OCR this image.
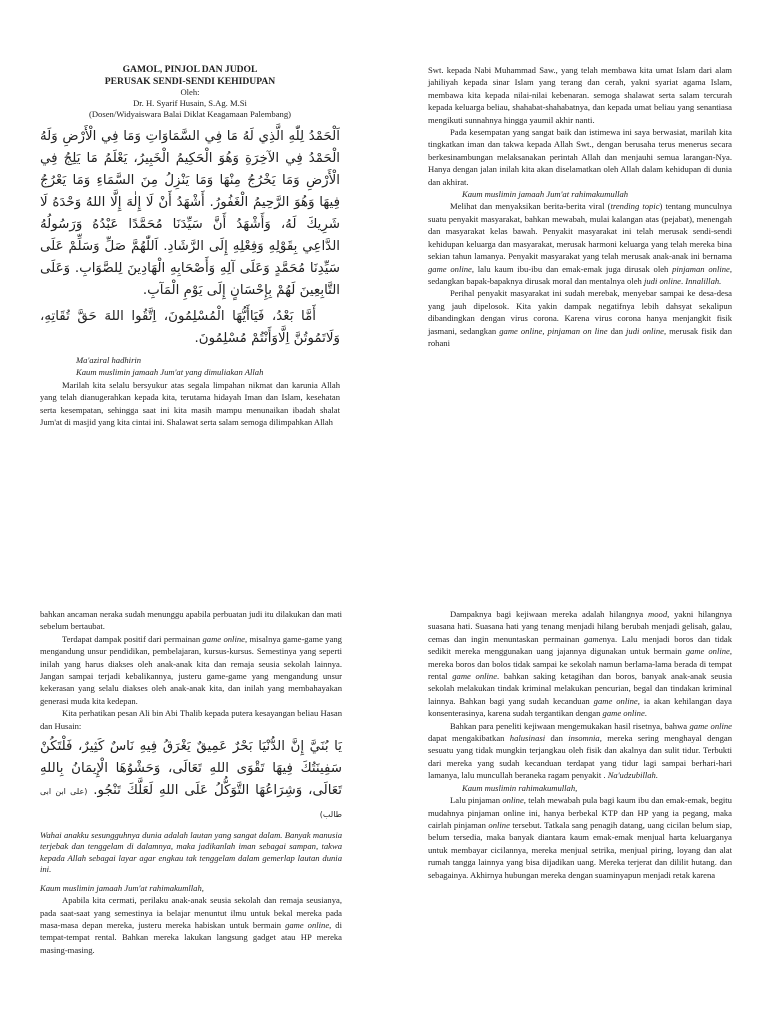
GAMOL, PINJOL DAN JUDOL
PERUSAK SENDI-SENDI KEHIDUPAN
Oleh:
Dr. H. Syarif Husain, S.Ag. M.Si
(Dosen/Widyaiswara Balai Diklat Keagamaan Palembang)
اَلْحَمْدُ لِلّٰهِ الَّذِي لَهُ مَا فِي السَّمَاوَاتِ وَمَا فِي الْأَرْضِ وَلَهُ الْحَمْدُ فِي الآخِرَةِ وَهُوَ الْحَكِيمُ الْخَبِيرُ، يَعْلَمُ مَا يَلِجُ فِي الْأَرْضِ وَمَا يَخْرُجُ مِنْهَا وَمَا يَنْزِلُ مِنَ السَّمَاءِ وَمَا يَعْرُجُ فِيهَا وَهُوَ الرَّحِيمُ الْغَفُورُ. أَشْهَدُ أَنْ لَا إِلٰهَ إِلَّا اللهُ وَحْدَهُ لَا شَرِيكَ لَهُ، وَأَشْهَدُ أَنَّ سَيِّدَنَا مُحَمَّدًا عَبْدُهُ وَرَسُولُهُ الدَّاعِي بِقَوْلِهِ وَفِعْلِهِ إِلَى الرَّشَادِ. اَللّٰهُمَّ صَلِّ وَسَلِّمْ عَلَى سَيِّدِنَا مُحَمَّدٍ وَعَلَى آلِهِ وَأَصْحَابِهِ الْهَادِينَ لِلصَّوَابِ. وَعَلَى التَّابِعِينَ لَهُمْ بِإِحْسَانٍ إِلَى يَوْمِ الْمَآبِ.
أَمَّا بَعْدُ، فَيَاأَيُّهَا الْمُسْلِمُونَ، اِتَّقُوا اللهَ حَقَّ تُقَاتِهِ، وَلَاتَمُوتُنَّ اِلَّاوَأَنْتُمْ مُسْلِمُونَ.
Ma'aziral hadhirin
Kaum muslimin jamaah Jum'at yang dimuliakan Allah

Marilah kita selalu bersyukur atas segala limpahan nikmat dan karunia Allah yang telah dianugerahkan kepada kita, terutama hidayah Iman dan Islam, kesehatan serta kesempatan, sehingga saat ini kita masih mampu menunaikan ibadah shalat Jum'at di masjid yang kita cintai ini. Shalawat serta salam semoga dilimpahkan Allah

Swt. kepada Nabi Muhammad Saw., yang telah membawa kita umat Islam dari alam jahiliyah kepada sinar Islam yang terang dan cerah, yakni syariat agama Islam, membawa kita kepada nilai-nilai kebenaran. semoga shalawat serta salam tercurah kepada keluarga beliau, shahabat-shahabatnya, dan kepada umat beliau yang senantiasa mengikuti sunnahnya hingga yaumil akhir nanti.

Pada kesempatan yang sangat baik dan istimewa ini saya berwasiat, marilah kita tingkatkan iman dan takwa kepada Allah Swt., dengan berusaha terus menerus secara berkesinambungan melaksanakan perintah Allah dan menjauhi semua larangan-Nya. Hanya dengan jalan inilah kita akan diselamatkan oleh Allah dalam kehidupan di dunia dan akhirat.

Kaum muslimin jamaah Jum'at rahimakumullah

Melihat dan menyaksikan berita-berita viral (trending topic) tentang munculnya suatu penyakit masyarakat, bahkan mewabah, mulai kalangan atas (pejabat), menengah dan masyarakat kelas bawah. Penyakit masyarakat ini telah merusak sendi-sendi kehidupan keluarga dan masyarakat, merusak harmoni keluarga yang telah mereka bina sekian tahun lamanya. Penyakit masyarakat yang telah merusak anak-anak ini bernama game online, lalu kaum ibu-ibu dan emak-emak juga dirusak oleh pinjaman online, sedangkan bapak-bapaknya dirusak moral dan mentalnya oleh judi online. Innalillah.

Perihal penyakit masyarakat ini sudah merebak, menyebar sampai ke desa-desa yang jauh dipelosok. Kita yakin dampak negatifnya lebih dahsyat sekalipun dibandingkan dengan virus corona. Karena virus corona hanya menjangkit fisik jasmani, sedangkan game online, pinjaman on line dan judi online, merusak fisik dan rohani

bahkan ancaman neraka sudah menunggu apabila perbuatan judi itu dilakukan dan mati sebelum bertaubat.

Terdapat dampak positif dari permainan game online, misalnya game-game yang mengandung unsur pendidikan, pembelajaran, kursus-kursus. Semestinya yang seperti inilah yang harus diakses oleh anak-anak kita dan remaja seusia sekolah lainnya. Jangan sampai terjadi kebalikannya, justeru game-game yang mengandung unsur kekerasan yang selalu diakses oleh anak-anak kita, dan inilah yang membahayakan generasi muda kita kedepan.

Kita perhatikan pesan Ali bin Abi Thalib kepada putera kesayangan beliau Hasan dan Husain:

يَا بُنَيَّ إِنَّ الدُّنْيَا بَحْرٌ عَمِيقٌ يَغْرَقُ فِيهِ نَاسٌ كَثِيرٌ، فَلْتَكُنْ سَفِينَتُكَ فِيهَا تَقْوَى اللهِ تَعَالَى، وَحَشْوُهَا الْإِيمَانُ بِاللهِ تَعَالَى، وَشِرَاعُهَا التَّوَكُّلُ عَلَى اللهِ لَعَلَّكَ تَنْجُو. (على ابن ابى طالب)

Wahai anakku sesungguhnya dunia adalah lautan yang sangat dalam. Banyak manusia terjebak dan tenggelam di dalamnya, maka jadikanlah iman sebagai sampan, takwa kepada Allah sebagai layar agar engkau tak tenggelam dalam gemerlap lautan dunia ini.

Kaum muslimin jamaah Jum'at rahimakumllah,

Apabila kita cermati, perilaku anak-anak seusia sekolah dan remaja seusianya, pada saat-saat yang semestinya ia belajar menuntut ilmu untuk bekal mereka pada masa-masa depan mereka, justeru mereka habiskan untuk bermain game online, di tempat-tempat rental. Bahkan mereka lakukan langsung gadget atau HP mereka masing-masing.

Dampaknya bagi kejiwaan mereka adalah hilangnya mood, yakni hilangnya suasana hati. Suasana hati yang tenang menjadi hilang berubah menjadi gelisah, galau, cemas dan ingin menuntaskan permainan gamenya. Lalu menjadi boros dan tidak sedikit mereka menggunakan uang jajannya digunakan untuk bermain game online, mereka boros dan bolos tidak sampai ke sekolah namun berlama-lama berada di tempat rental game online. bahkan saking ketagihan dan boros, banyak anak-anak seusia sekolah melakukan tindak kriminal melakukan pencurian, begal dan tindakan kriminal lainnya. Bahkan bagi yang sudah kecanduan game online, ia akan kehilangan daya konsenterasinya, karena sudah tergantikan dengan game online.

Bahkan para peneliti kejiwaan mengemukakan hasil risetnya, bahwa game online dapat mengakibatkan halusinasi dan insomnia, mereka sering menghayal dengan sesuatu yang tidak mungkin terjangkau oleh fisik dan akalnya dan sulit tidur. Terbukti dari mereka yang sudah kecanduan terdapat yang tidur lagi sampai berhari-hari lamanya, lalu muncullah beraneka ragam penyakit . Na'udzubillah.

Kaum muslimin rahimakumullah,

Lalu pinjaman online, telah mewabah pula bagi kaum ibu dan emak-emak, begitu mudahnya pinjaman online ini, hanya berbekal KTP dan HP yang ia pegang, maka cairlah pinjaman online tersebut. Tatkala sang penagih datang, uang cicilan belum siap, belum tersedia, maka banyak diantara kaum emak-emak menjual harta keluarganya untuk membayar cicilannya, mereka menjual setrika, menjual piring, loyang dan alat rumah tangga lainnya yang bisa dijadikan uang. Mereka terjerat dan dililit hutang. dan sebagainya. Akhirnya hubungan mereka dengan suaminyapun menjadi retak karena
